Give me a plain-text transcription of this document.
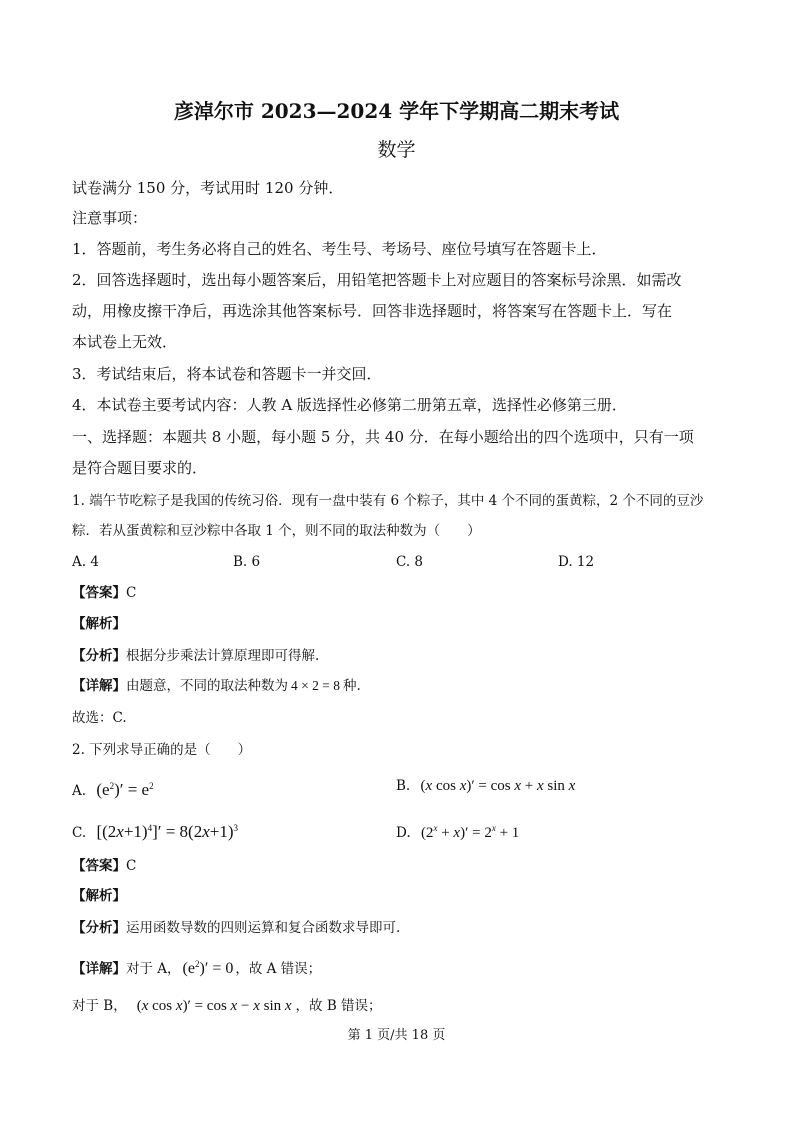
彦淖尔市 2023—2024 学年下学期高二期末考试
数学
试卷满分 150 分，考试用时 120 分钟．
注意事项：
1．答题前，考生务必将自己的姓名、考生号、考场号、座位号填写在答题卡上．
2．回答选择题时，选出每小题答案后，用铅笔把答题卡上对应题目的答案标号涂黑．如需改
动，用橡皮擦干净后，再选涂其他答案标号．回答非选择题时，将答案写在答题卡上．写在
本试卷上无效．
3．考试结束后，将本试卷和答题卡一并交回．
4．本试卷主要考试内容：人教 A 版选择性必修第二册第五章，选择性必修第三册．
一、选择题：本题共 8 小题，每小题 5 分，共 40 分．在每小题给出的四个选项中，只有一项
是符合题目要求的．
1. 端午节吃粽子是我国的传统习俗．现有一盘中装有 6 个粽子，其中 4 个不同的蛋黄粽，2 个不同的豆沙
粽．若从蛋黄粽和豆沙粽中各取 1 个，则不同的取法种数为（　　）
A. 4	B. 6	C. 8	D. 12
【答案】C
【解析】
【分析】根据分步乘法计算原理即可得解.
【详解】由题意，不同的取法种数为 4 × 2 = 8 种.
故选：C.
2. 下列求导正确的是（　　）
A. $(e^2)' = e^2$	B. (x cos x)′ = cos x + x sin x
C. $[(2x+1)^4]' = 8(2x+1)^3$	D. $(2^x + x)' = 2^x + 1$
【答案】C
【解析】
【分析】运用函数导数的四则运算和复合函数求导即可.
【详解】对于 A， $(e^2)' = 0$ ，故 A 错误；
对于 B， (x cos x)′ = cos x − x sin x ，故 B 错误；
第 1 页/共 18 页
